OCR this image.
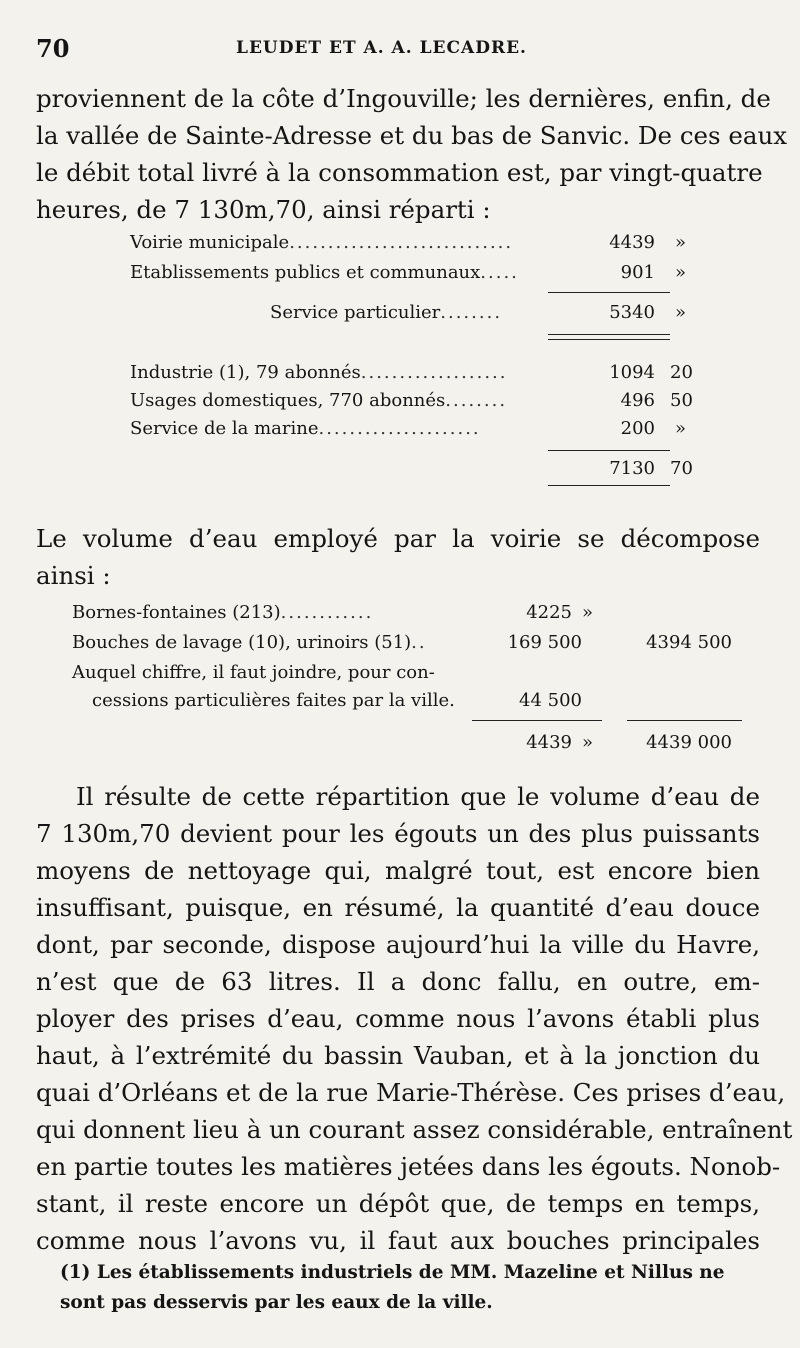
70	LEUDET ET A. A. LECADRE.
proviennent de la côte d’Ingouville; les dernières, enfin, de
la vallée de Sainte-Adresse et du bas de Sanvic. De ces eaux
le débit total livré à la consommation est, par vingt-quatre
heures, de 7 130m,70, ainsi réparti :
Voirie municipale.............................	4439 »
Etablissements publics et communaux.....	901 »
Service particulier........	5340 »
Industrie (1), 79 abonnés...................	1094 20
Usages domestiques, 770 abonnés........	496 50
Service de la marine.....................	200 »
7130 70
Le volume d’eau employé par la voirie se décompose
ainsi :
Bornes-fontaines (213)............	4225 »
Bouches de lavage (10), urinoirs (51)..	169 500	4394 500
Auquel chiffre, il faut joindre, pour con-
cessions particulières faites par la ville.	44 500
4439 »	4439 000
Il résulte de cette répartition que le volume d’eau de
7 130m,70 devient pour les égouts un des plus puissants
moyens de nettoyage qui, malgré tout, est encore bien
insuffisant, puisque, en résumé, la quantité d’eau douce
dont, par seconde, dispose aujourd’hui la ville du Havre,
n’est que de 63 litres. Il a donc fallu, en outre, em-
ployer des prises d’eau, comme nous l’avons établi plus
haut, à l’extrémité du bassin Vauban, et à la jonction du
quai d’Orléans et de la rue Marie-Thérèse. Ces prises d’eau,
qui donnent lieu à un courant assez considérable, entraînent
en partie toutes les matières jetées dans les égouts. Nonob-
stant, il reste encore un dépôt que, de temps en temps,
comme nous l’avons vu, il faut aux bouches principales
(1) Les établissements industriels de MM. Mazeline et Nillus ne
sont pas desservis par les eaux de la ville.
